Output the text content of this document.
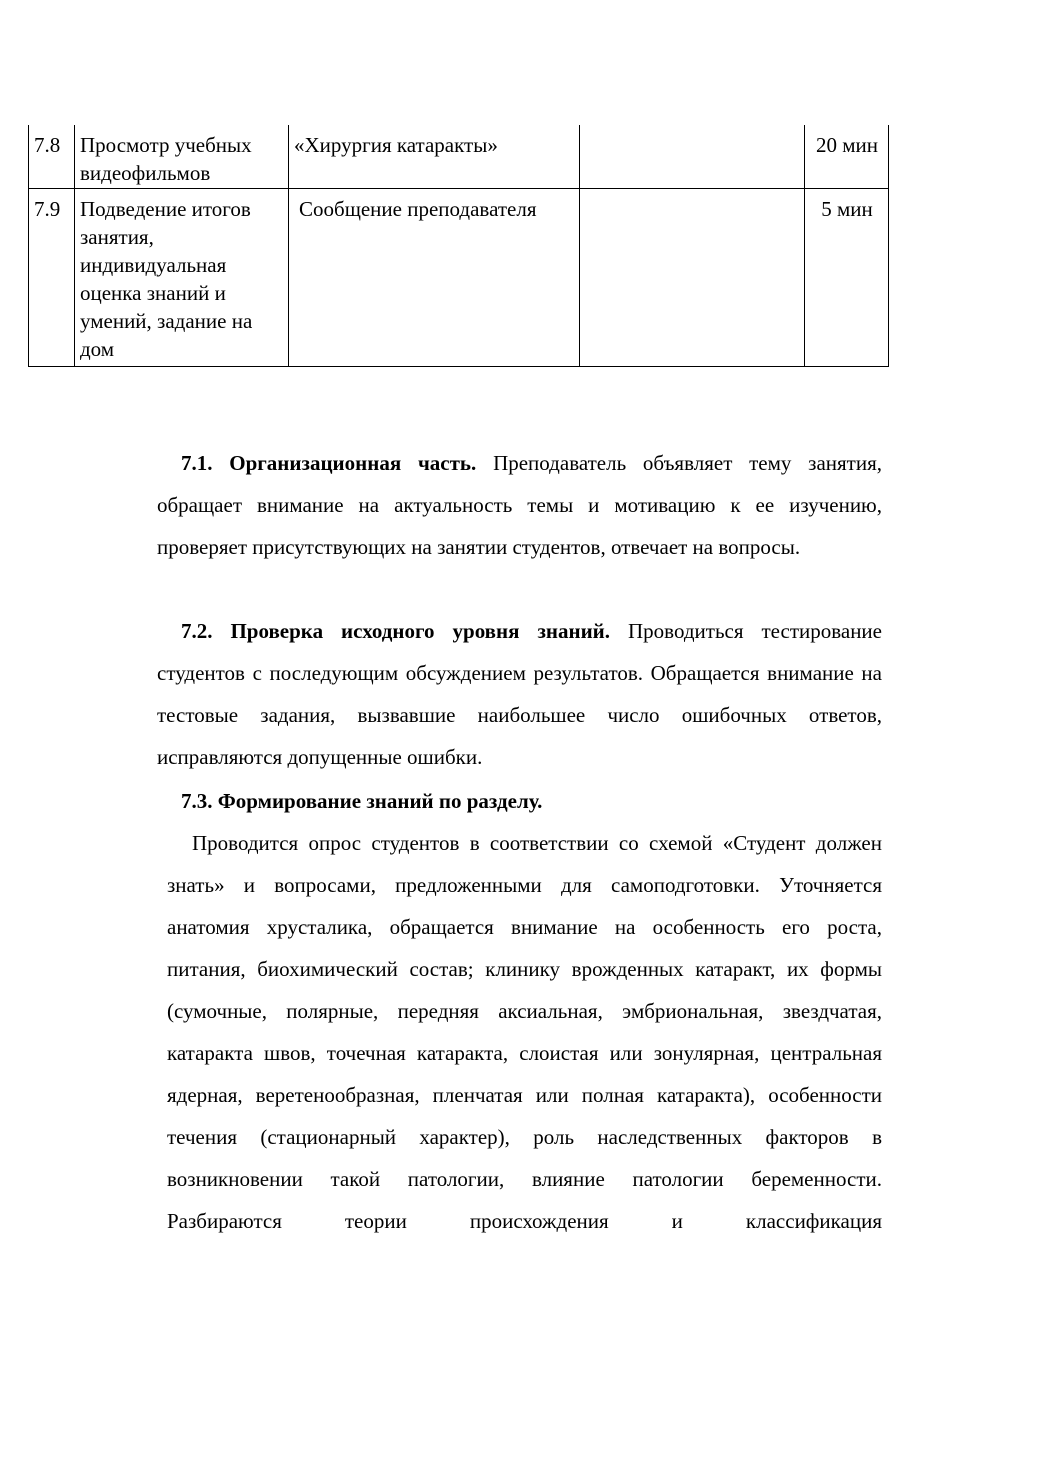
7.8	Просмотр учебных видеофильмов	«Хирургия катаракты»		20 мин
7.9	Подведение итогов занятия, индивидуальная оценка знаний и умений, задание на дом	Сообщение преподавателя		5 мин

7.1. Организационная часть. Преподаватель объявляет тему занятия, обращает внимание на актуальность темы и мотивацию к ее изучению, проверяет присутствующих на занятии студентов, отвечает на вопросы.

7.2. Проверка исходного уровня знаний. Проводиться тестирование студентов с последующим обсуждением результатов. Обращается внимание на тестовые задания, вызвавшие наибольшее число ошибочных ответов, исправляются допущенные ошибки.

7.3. Формирование знаний по разделу.

Проводится опрос студентов в соответствии со схемой «Студент должен знать» и вопросами, предложенными для самоподготовки. Уточняется анатомия хрусталика, обращается внимание на особенность его роста, питания, биохимический состав; клинику врожденных катаракт, их формы (сумочные, полярные, передняя аксиальная, эмбриональная, звездчатая, катаракта швов, точечная катаракта, слоистая или зонулярная, центральная ядерная, веретенообразная, пленчатая или полная катаракта), особенности течения (стационарный характер), роль наследственных факторов в возникновении такой патологии, влияние патологии беременности. Разбираются теории происхождения и классификация
